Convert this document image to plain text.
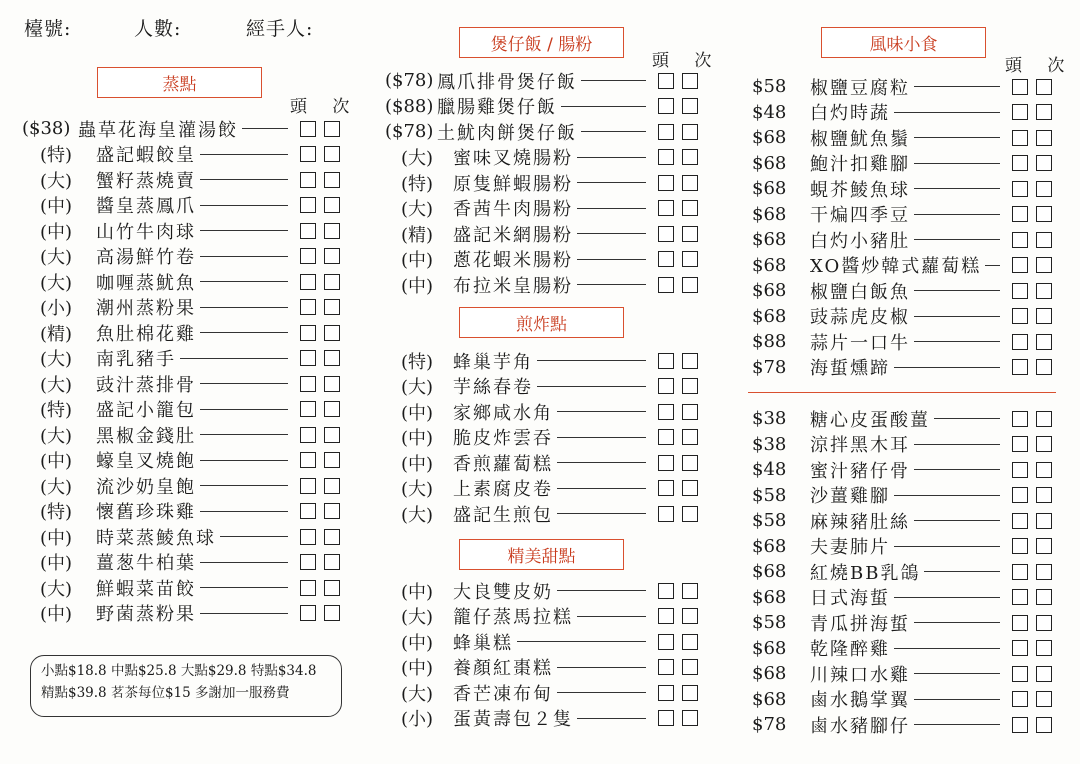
檯號:	人數:	經手人:
蒸點
煲仔飯 / 腸粉
煎炸點
精美甜點
風味小食
頭 次
頭 次	頭 次
($38) 蟲草花海皇灌湯餃
(特)	盛記蝦餃皇
(大)	蟹籽蒸燒賣
(中)	醬皇蒸鳳爪
(中)	山竹牛肉球
(大)	高湯鮮竹卷
(大)	咖喱蒸魷魚
(小)	潮州蒸粉果
(精)	魚肚棉花雞
(大)	南乳豬手
(大)	豉汁蒸排骨
(特)	盛記小籠包
(大)	黑椒金錢肚
(中)	蠔皇叉燒飽
(大)	流沙奶皇飽
(特)	懷舊珍珠雞
(中)	時菜蒸鯪魚球
(中)	薑葱牛柏葉
(大)	鮮蝦菜苗餃
(中)	野菌蒸粉果
($78) 鳳爪排骨煲仔飯
($88) 臘腸雞煲仔飯
($78) 土魷肉餅煲仔飯
(大)	蜜味叉燒腸粉
(特)	原隻鮮蝦腸粉
(大)	香茜牛肉腸粉
(精)	盛記米網腸粉
(中)	蔥花蝦米腸粉
(中)	布拉米皇腸粉
(特)	蜂巢芋角
(大)	芋絲春卷
(中)	家鄉咸水角
(中)	脆皮炸雲吞
(中)	香煎蘿蔔糕
(大)	上素腐皮卷
(大)	盛記生煎包
(中)	大良雙皮奶
(大)	籠仔蒸馬拉糕
(中)	蜂巢糕
(中)	養顏紅棗糕
(大)	香芒凍布甸
(小)	蛋黃壽包２隻
$58	椒鹽豆腐粒
$48	白灼時蔬
$68	椒鹽魷魚鬚
$68	鮑汁扣雞腳
$68	蜆芥鯪魚球
$68	干煸四季豆
$68	白灼小豬肚
$68	XO醬炒韓式蘿蔔糕
$68	椒鹽白飯魚
$68	豉蒜虎皮椒
$88	蒜片一口牛
$78	海蜇燻蹄
$38	糖心皮蛋酸薑
$38	涼拌黑木耳
$48	蜜汁豬仔骨
$58	沙薑雞腳
$58	麻辣豬肚絲
$68	夫妻肺片
$68	紅燒BB乳鴿
$68	日式海蜇
$58	青瓜拼海蜇
$68	乾隆醉雞
$68	川辣口水雞
$68	鹵水鵝掌翼
$78	鹵水豬腳仔
小點$18.8 中點$25.8 大點$29.8 特點$34.8
精點$39.8 茗茶每位$15 多謝加一服務費
